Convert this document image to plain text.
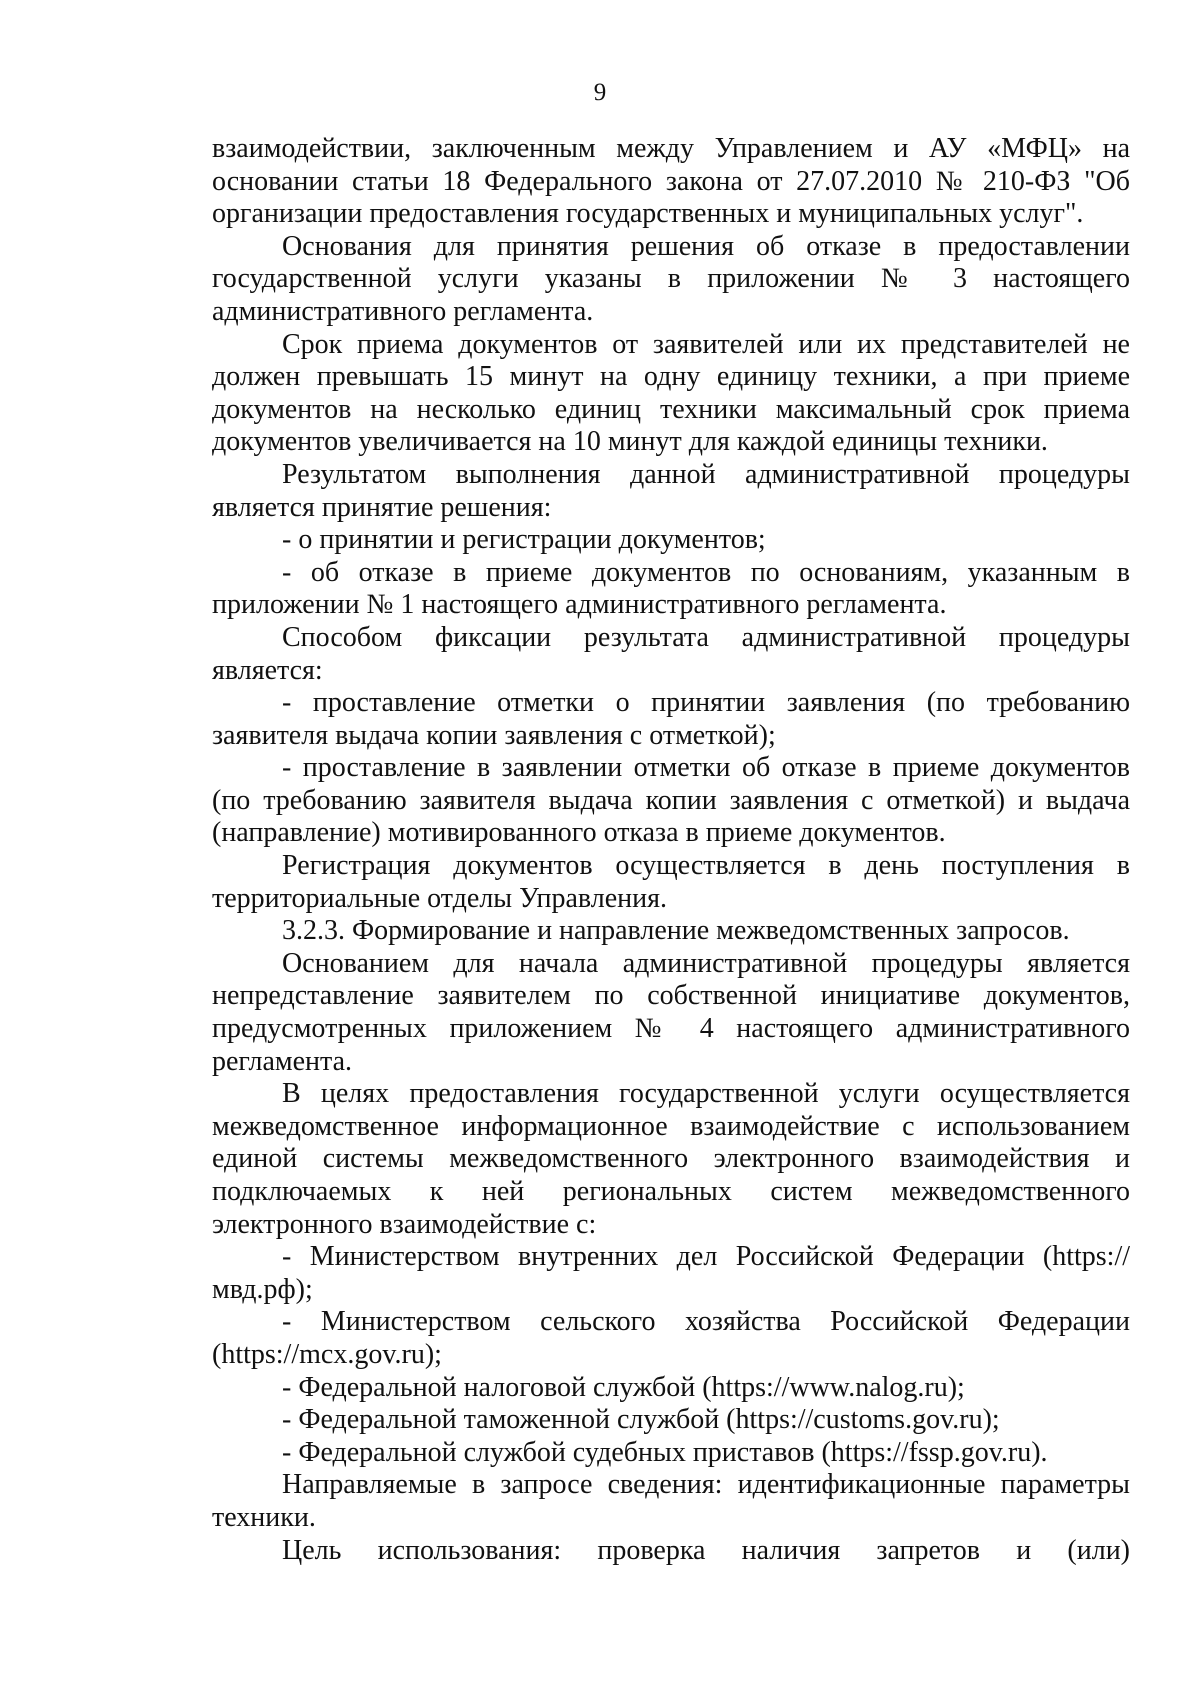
9

взаимодействии, заключенным между Управлением и АУ «МФЦ» на основании статьи 18 Федерального закона от 27.07.2010 № 210-ФЗ "Об организации предоставления государственных и муниципальных услуг".

Основания для принятия решения об отказе в предоставлении государственной услуги указаны в приложении № 3 настоящего административного регламента.

Срок приема документов от заявителей или их представителей не должен превышать 15 минут на одну единицу техники, а при приеме документов на несколько единиц техники максимальный срок приема документов увеличивается на 10 минут для каждой единицы техники.

Результатом выполнения данной административной процедуры является принятие решения:

- о принятии и регистрации документов;

- об отказе в приеме документов по основаниям, указанным в приложении № 1 настоящего административного регламента.

Способом фиксации результата административной процедуры является:

- проставление отметки о принятии заявления (по требованию заявителя выдача копии заявления с отметкой);

- проставление в заявлении отметки об отказе в приеме документов (по требованию заявителя выдача копии заявления с отметкой) и выдача (направление) мотивированного отказа в приеме документов.

Регистрация документов осуществляется в день поступления в территориальные отделы Управления.

3.2.3. Формирование и направление межведомственных запросов.

Основанием для начала административной процедуры является непредставление заявителем по собственной инициативе документов, предусмотренных приложением № 4 настоящего административного регламента.

В целях предоставления государственной услуги осуществляется межведомственное информационное взаимодействие с использованием единой системы межведомственного электронного взаимодействия и подключаемых к ней региональных систем межведомственного электронного взаимодействие с:

- Министерством внутренних дел Российской Федерации (https://мвд.рф);

- Министерством сельского хозяйства Российской Федерации (https://mcx.gov.ru);

- Федеральной налоговой службой (https://www.nalog.ru);

- Федеральной таможенной службой (https://customs.gov.ru);

- Федеральной службой судебных приставов (https://fssp.gov.ru).

Направляемые в запросе сведения: идентификационные параметры техники.

Цель использования: проверка наличия запретов и (или)
